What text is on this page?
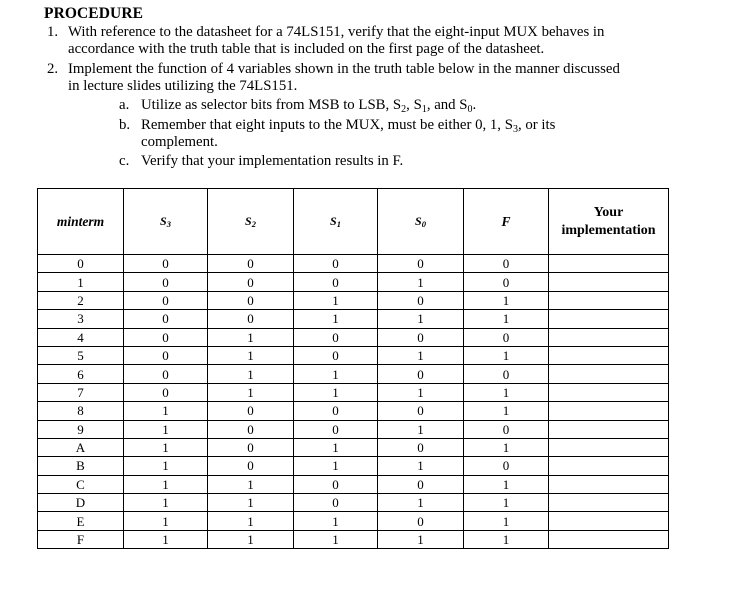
PROCEDURE
1. With reference to the datasheet for a 74LS151, verify that the eight-input MUX behaves in
accordance with the truth table that is included on the first page of the datasheet.
2. Implement the function of 4 variables shown in the truth table below in the manner discussed
in lecture slides utilizing the 74LS151.
a. Utilize as selector bits from MSB to LSB, $S_2$, $S_1$, and $S_0$.
b. Remember that eight inputs to the MUX, must be either 0, 1, $S_3$, or its
complement.
c. Verify that your implementation results in F.
minterm	$S_3$	$S_2$	$S_1$	$S_0$	F	Your
implementation
0	0	0	0	0	0	
1	0	0	0	1	0	
2	0	0	1	0	1	
3	0	0	1	1	1	
4	0	1	0	0	0	
5	0	1	0	1	1	
6	0	1	1	0	0	
7	0	1	1	1	1	
8	1	0	0	0	1	
9	1	0	0	1	0	
A	1	0	1	0	1	
B	1	0	1	1	0	
C	1	1	0	0	1	
D	1	1	0	1	1	
E	1	1	1	0	1	
F	1	1	1	1	1	
